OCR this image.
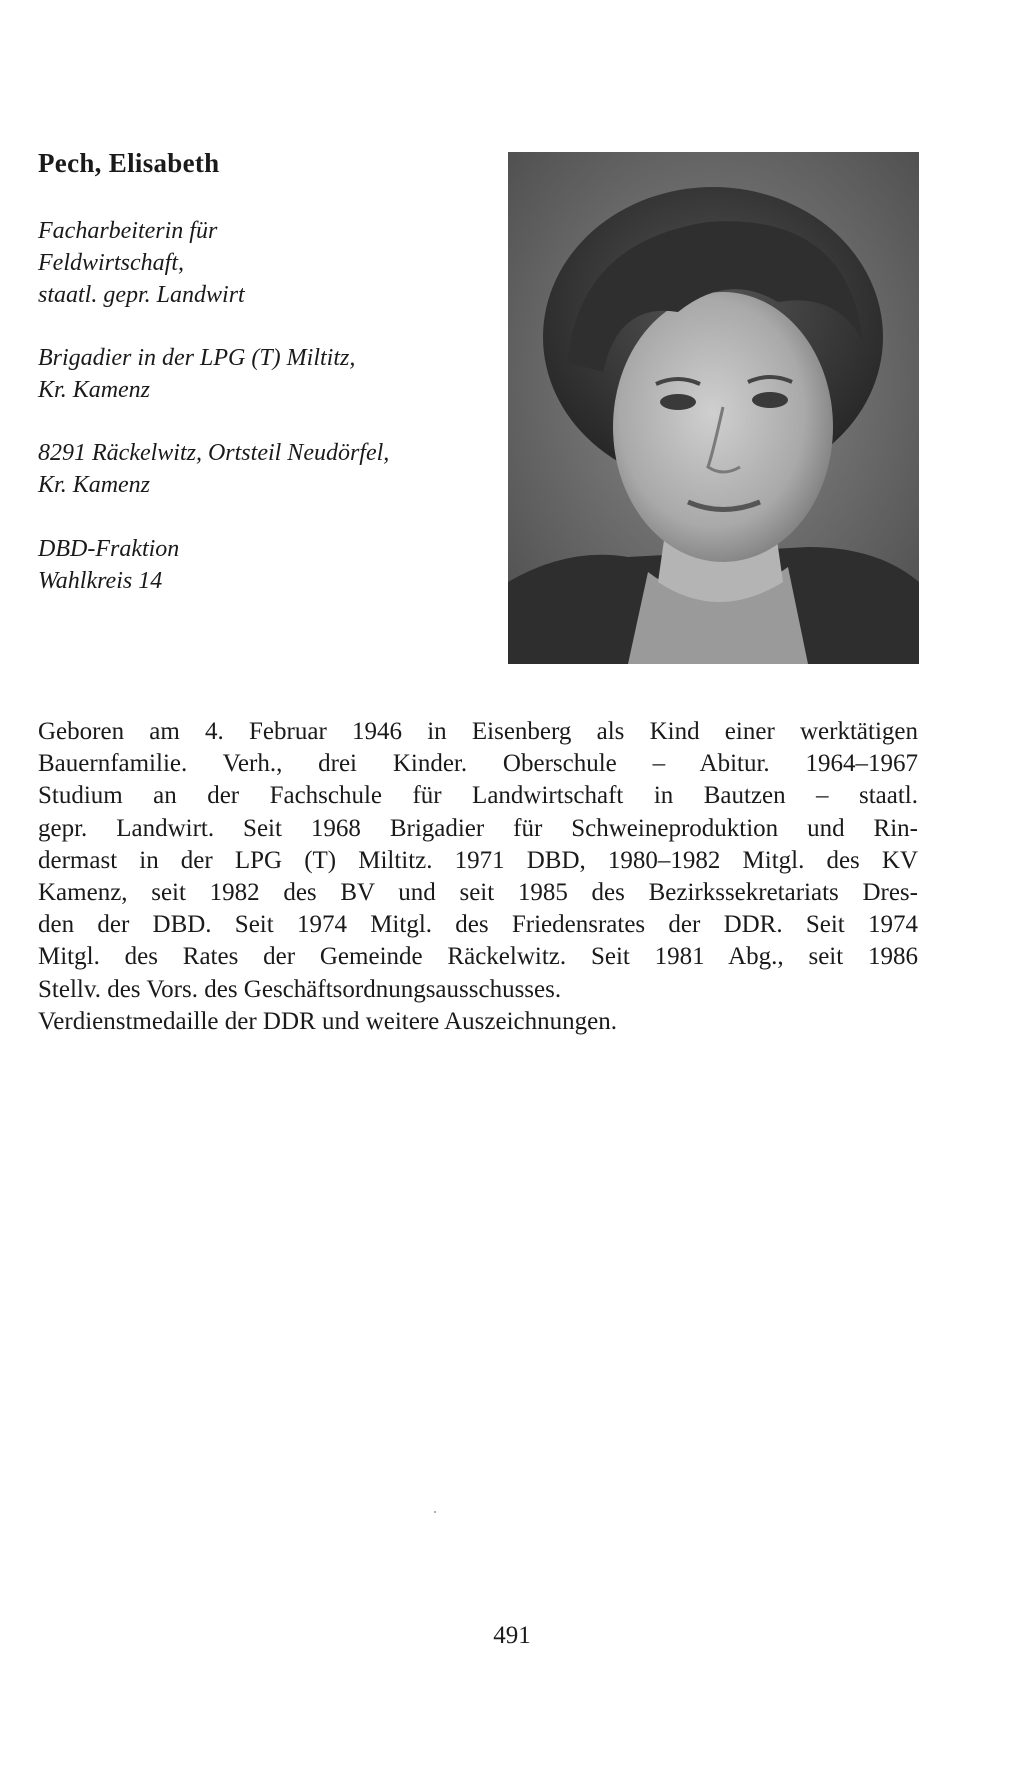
Pech, Elisabeth
Facharbeiterin für
Feldwirtschaft,
staatl. gepr. Landwirt
Brigadier in der LPG (T) Miltitz,
Kr. Kamenz
8291 Räckelwitz, Ortsteil Neudörfel,
Kr. Kamenz
DBD-Fraktion
Wahlkreis 14
Geboren am 4. Februar 1946 in Eisenberg als Kind einer werktätigen
Bauernfamilie. Verh., drei Kinder. Oberschule – Abitur. 1964–1967
Studium an der Fachschule für Landwirtschaft in Bautzen – staatl.
gepr. Landwirt. Seit 1968 Brigadier für Schweineproduktion und Rin-
dermast in der LPG (T) Miltitz. 1971 DBD, 1980–1982 Mitgl. des KV
Kamenz, seit 1982 des BV und seit 1985 des Bezirkssekretariats Dres-
den der DBD. Seit 1974 Mitgl. des Friedensrates der DDR. Seit 1974
Mitgl. des Rates der Gemeinde Räckelwitz. Seit 1981 Abg., seit 1986
Stellv. des Vors. des Geschäftsordnungsausschusses.
Verdienstmedaille der DDR und weitere Auszeichnungen.
491
